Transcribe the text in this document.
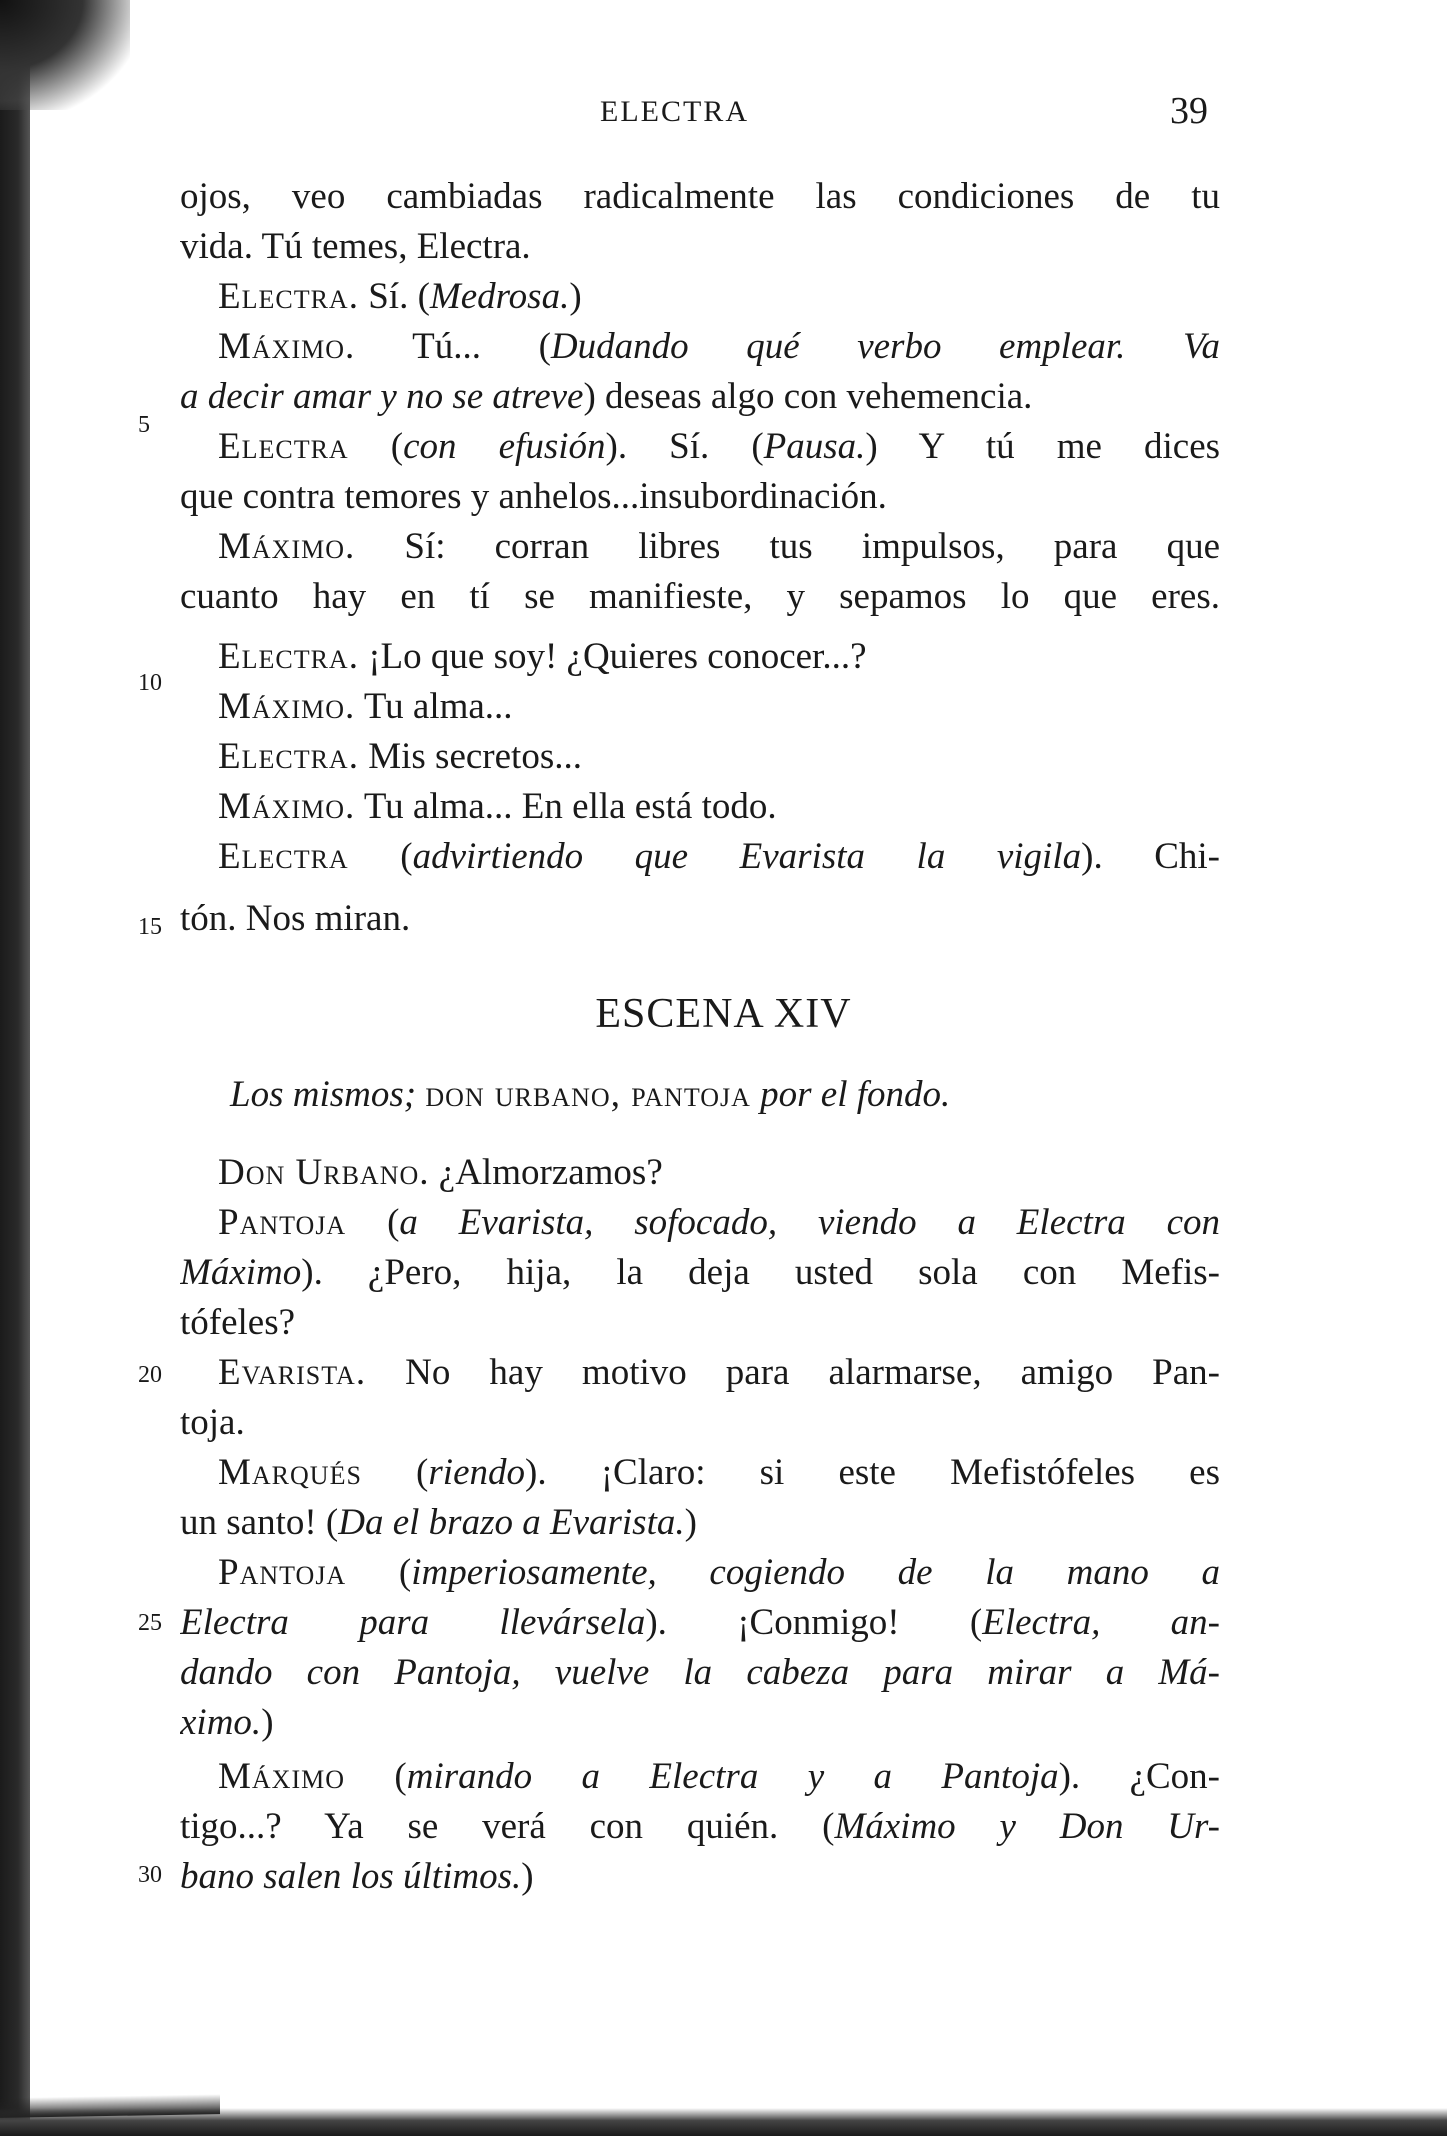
ELECTRA	39
ojos, veo cambiadas radicalmente las condiciones de tu
vida. Tú temes, Electra.
Electra. Sí. (Medrosa.)
Máximo. Tú... (Dudando qué verbo emplear. Va
a decir amar y no se atreve) deseas algo con vehemencia.
5
Electra (con efusión). Sí. (Pausa.) Y tú me dices
que contra temores y anhelos...insubordinación.
Máximo. Sí: corran libres tus impulsos, para que
cuanto hay en tí se manifieste, y sepamos lo que eres.
10
Electra. ¡Lo que soy! ¿Quieres conocer...?
Máximo. Tu alma...
Electra. Mis secretos...
Máximo. Tu alma... En ella está todo.
Electra (advirtiendo que Evarista la vigila). Chi-
15 tón. Nos miran.
ESCENA XIV
Los mismos; don urbano, pantoja por el fondo.
Don Urbano. ¿Almorzamos?
Pantoja (a Evarista, sofocado, viendo a Electra con
Máximo). ¿Pero, hija, la deja usted sola con Mefis-
tófeles?
20	Evarista. No hay motivo para alarmarse, amigo Pan-
toja.
Marqués (riendo). ¡Claro: si este Mefistófeles es
un santo! (Da el brazo a Evarista.)
Pantoja (imperiosamente, cogiendo de la mano a
25 Electra para llevársela). ¡Conmigo! (Electra, an-
dando con Pantoja, vuelve la cabeza para mirar a Má-
ximo.)
Máximo (mirando a Electra y a Pantoja). ¿Con-
tigo...? Ya se verá con quién. (Máximo y Don Ur-
30 bano salen los últimos.)
